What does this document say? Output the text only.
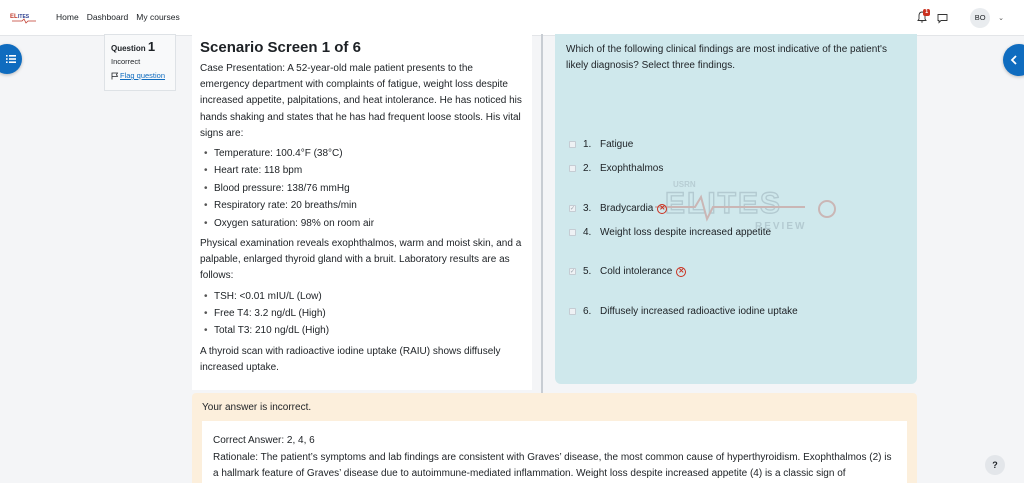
EL ITES	Home Dashboard My courses	1
BO	⌄
Question 1
Incorrect
Flag question
Scenario Screen 1 of 6

Case Presentation: A 52-year-old male patient presents to the emergency department with complaints of fatigue, weight loss despite increased appetite, palpitations, and heat intolerance. He has noticed his hands shaking and states that he has had frequent loose stools. His vital signs are:

• Temperature: 100.4°F (38°C)
• Heart rate: 118 bpm
• Blood pressure: 138/76 mmHg
• Respiratory rate: 20 breaths/min
• Oxygen saturation: 98% on room air

Physical examination reveals exophthalmos, warm and moist skin, and a palpable, enlarged thyroid gland with a bruit. Laboratory results are as follows:

• TSH: <0.01 mIU/L (Low)
• Free T4: 3.2 ng/dL (High)
• Total T3: 210 ng/dL (High)

A thyroid scan with radioactive iodine uptake (RAIU) shows diffusely increased uptake.

Which of the following clinical findings are most indicative of the patient's likely diagnosis? Select three findings.
USRN
ELITES
REVIEW
1. Fatigue
2. Exophthalmos
✓ 3. Bradycardia ✕
4. Weight loss despite increased appetite
✓ 5. Cold intolerance ✕
6. Diffusely increased radioactive iodine uptake
Your answer is incorrect.

Correct Answer: 2, 4, 6

Rationale: The patient’s symptoms and lab findings are consistent with Graves’ disease, the most common cause of hyperthyroidism. Exophthalmos (2) is a hallmark feature of Graves’ disease due to autoimmune-mediated inflammation. Weight loss despite increased appetite (4) is a classic sign of

?
